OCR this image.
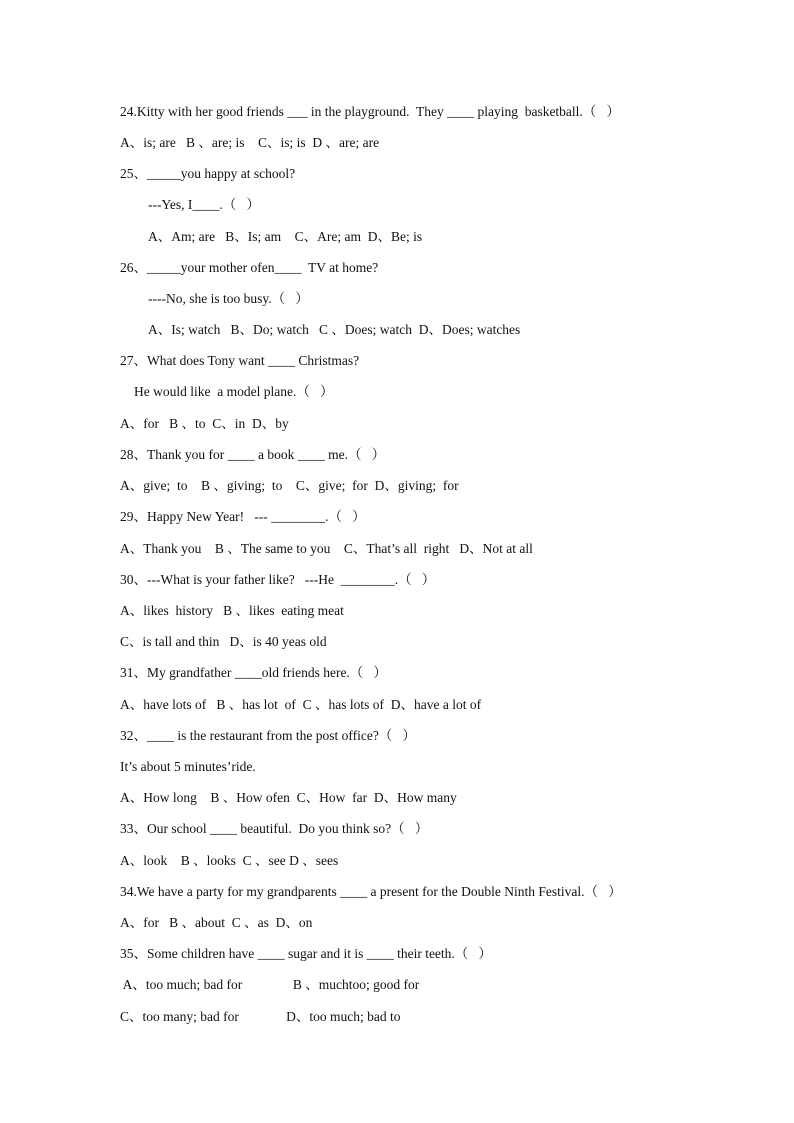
24.Kitty with her good friends ___ in the playground.  They ____ playing  basketball.（   ）
A、is; are   B 、are; is    C、is; is  D 、are; are
25、_____you happy at school?
---Yes, I____.（   ）
A、Am; are   B、Is; am    C、Are; am  D、Be; is
26、_____your mother ofen____  TV at home?
----No, she is too busy.（   ）
A、Is; watch   B、Do; watch   C 、Does; watch  D、Does; watches
27、What does Tony want ____ Christmas?
He would like  a model plane.（   ）
A、for   B 、to  C、in  D、by
28、Thank you for ____ a book ____ me.（   ）
A、give;  to    B 、giving;  to    C、give;  for  D、giving;  for
29、Happy New Year!   --- ________.（   ）
A、Thank you    B 、The same to you    C、That’s all  right   D、Not at all
30、---What is your father like?   ---He  ________.（   ）
A、likes  history   B 、likes  eating meat
C、is tall and thin   D、is 40 yeas old
31、My grandfather ____old friends here.（   ）
A、have lots of   B 、has lot  of  C 、has lots of  D、have a lot of
32、____ is the restaurant from the post office?（   ）
It’s about 5 minutes’ride.
A、How long    B 、How ofen  C、How  far  D、How many
33、Our school ____ beautiful.  Do you think so?（   ）
A、look    B 、looks  C 、see D 、sees
34.We have a party for my grandparents ____ a present for the Double Ninth Festival.（   ）
A、for   B 、about  C 、as  D、on
35、Some children have ____ sugar and it is ____ their teeth.（   ）
A、too much; bad for               B 、muchtoo; good for
C、too many; bad for              D、too much; bad to
